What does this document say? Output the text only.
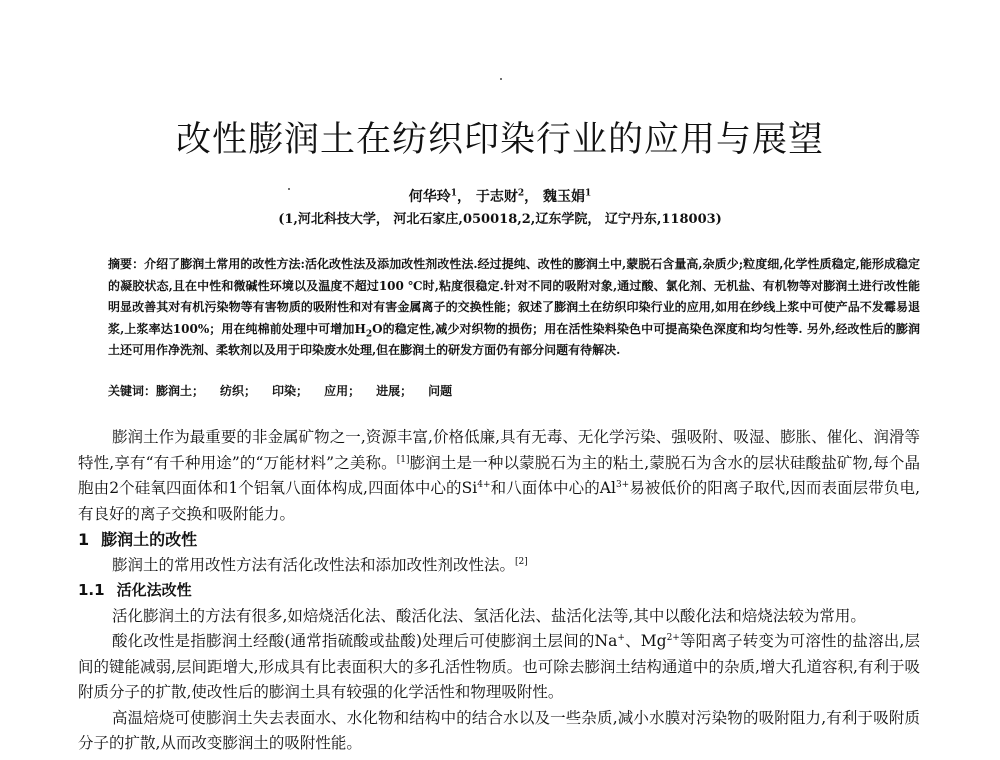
改性膨润土在纺织印染行业的应用与展望
何华玲$^1$， 于志财$^2$， 魏玉娟$^1$
(1,河北科技大学， 河北石家庄,050018,2,辽东学院， 辽宁丹东,118003)
摘要：介绍了膨润土常用的改性方法:活化改性法及添加改性剂改性法.经过提纯、改性的膨润土中,蒙脱石含量高,杂质少;粒度细,化学性质稳定,能形成稳定的凝胶状态,且在中性和微碱性环境以及温度不超过100 ℃时,粘度很稳定.针对不同的吸附对象,通过酸、氯化剂、无机盐、有机物等对膨润土进行改性能明显改善其对有机污染物等有害物质的吸附性和对有害金属离子的交换性能；叙述了膨润土在纺织印染行业的应用,如用在纱线上浆中可使产品不发霉易退浆,上浆率达100%；用在纯棉前处理中可增加$H_2O$的稳定性,减少对织物的损伤；用在活性染料染色中可提高染色深度和均匀性等. 另外,经改性后的膨润土还可用作净洗剂、柔软剂以及用于印染废水处理,但在膨润土的研发方面仍有部分问题有待解决.
关键词：膨润土； 纺织； 印染； 应用； 进展； 问题

膨润土作为最重要的非金属矿物之一,资源丰富,价格低廉,具有无毒、无化学污染、强吸附、吸湿、膨胀、催化、润滑等特性,享有“有千种用途”的“万能材料”之美称。[1]膨润土是一种以蒙脱石为主的粘土,蒙脱石为含水的层状硅酸盐矿物,每个晶胞由2个硅氧四面体和1个铝氧八面体构成,四面体中心的$Si^{4+}$和八面体中心的$Al^{3+}$易被低价的阳离子取代,因而表面层带负电,有良好的离子交换和吸附能力。

1 膨润土的改性

膨润土的常用改性方法有活化改性法和添加改性剂改性法。[2]

1.1 活化法改性

活化膨润土的方法有很多,如焙烧活化法、酸活化法、氢活化法、盐活化法等,其中以酸化法和焙烧法较为常用。

酸化改性是指膨润土经酸(通常指硫酸或盐酸)处理后可使膨润土层间的Na+、$Mg^{2+}$等阳离子转变为可溶性的盐溶出,层间的键能减弱,层间距增大,形成具有比表面积大的多孔活性物质。也可除去膨润土结构通道中的杂质,增大孔道容积,有利于吸附质分子的扩散,使改性后的膨润土具有较强的化学活性和物理吸附性。

高温焙烧可使膨润土失去表面水、水化物和结构中的结合水以及一些杂质,减小水膜对污染物的吸附阻力,有利于吸附质分子的扩散,从而改变膨润土的吸附性能。
